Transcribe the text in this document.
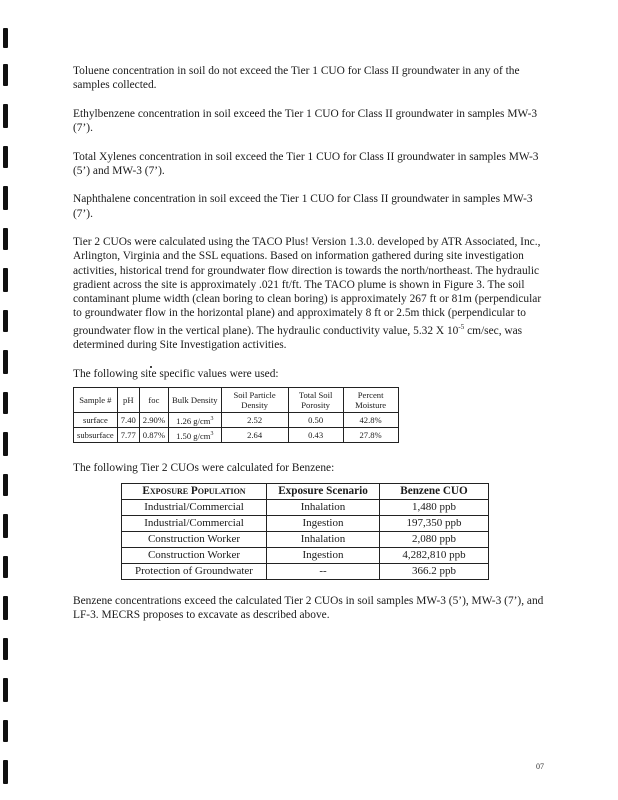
Toluene concentration in soil do not exceed the Tier 1 CUO for Class II groundwater in any of the samples collected.

Ethylbenzene concentration in soil exceed the Tier 1 CUO for Class II groundwater in samples MW-3 (7’).

Total Xylenes concentration in soil exceed the Tier 1 CUO for Class II groundwater in samples MW-3 (5’) and MW-3 (7’).

Naphthalene concentration in soil exceed the Tier 1 CUO for Class II groundwater in samples MW-3 (7’).

Tier 2 CUOs were calculated using the TACO Plus! Version 1.3.0. developed by ATR Associated, Inc., Arlington, Virginia and the SSL equations. Based on information gathered during site investigation activities, historical trend for groundwater flow direction is towards the north/northeast. The hydraulic gradient across the site is approximately .021 ft/ft. The TACO plume is shown in Figure 3. The soil contaminant plume width (clean boring to clean boring) is approximately 267 ft or 81m (perpendicular to groundwater flow in the horizontal plane) and approximately 8 ft or 2.5m thick (perpendicular to groundwater flow in the vertical plane). The hydraulic conductivity value, 5.32 X $10^{-5}$ cm/sec, was determined during Site Investigation activities.

The following site specific values were used:

Sample #	pH	foc	Bulk Density	Soil Particle Density	Total Soil Porosity	Percent Moisture
surface	7.40	2.90%	1.26 $g/cm^3$	2.52	0.50	42.8%
subsurface	7.77	0.87%	1.50 $g/cm^3$	2.64	0.43	27.8%

The following Tier 2 CUOs were calculated for Benzene:

Exposure Population	Exposure Scenario	Benzene CUO
Industrial/Commercial	Inhalation	1,480 ppb
Industrial/Commercial	Ingestion	197,350 ppb
Construction Worker	Inhalation	2,080 ppb
Construction Worker	Ingestion	4,282,810 ppb
Protection of Groundwater	--	366.2 ppb

Benzene concentrations exceed the calculated Tier 2 CUOs in soil samples MW-3 (5’), MW-3 (7’), and LF-3. MECRS proposes to excavate as described above.

07
